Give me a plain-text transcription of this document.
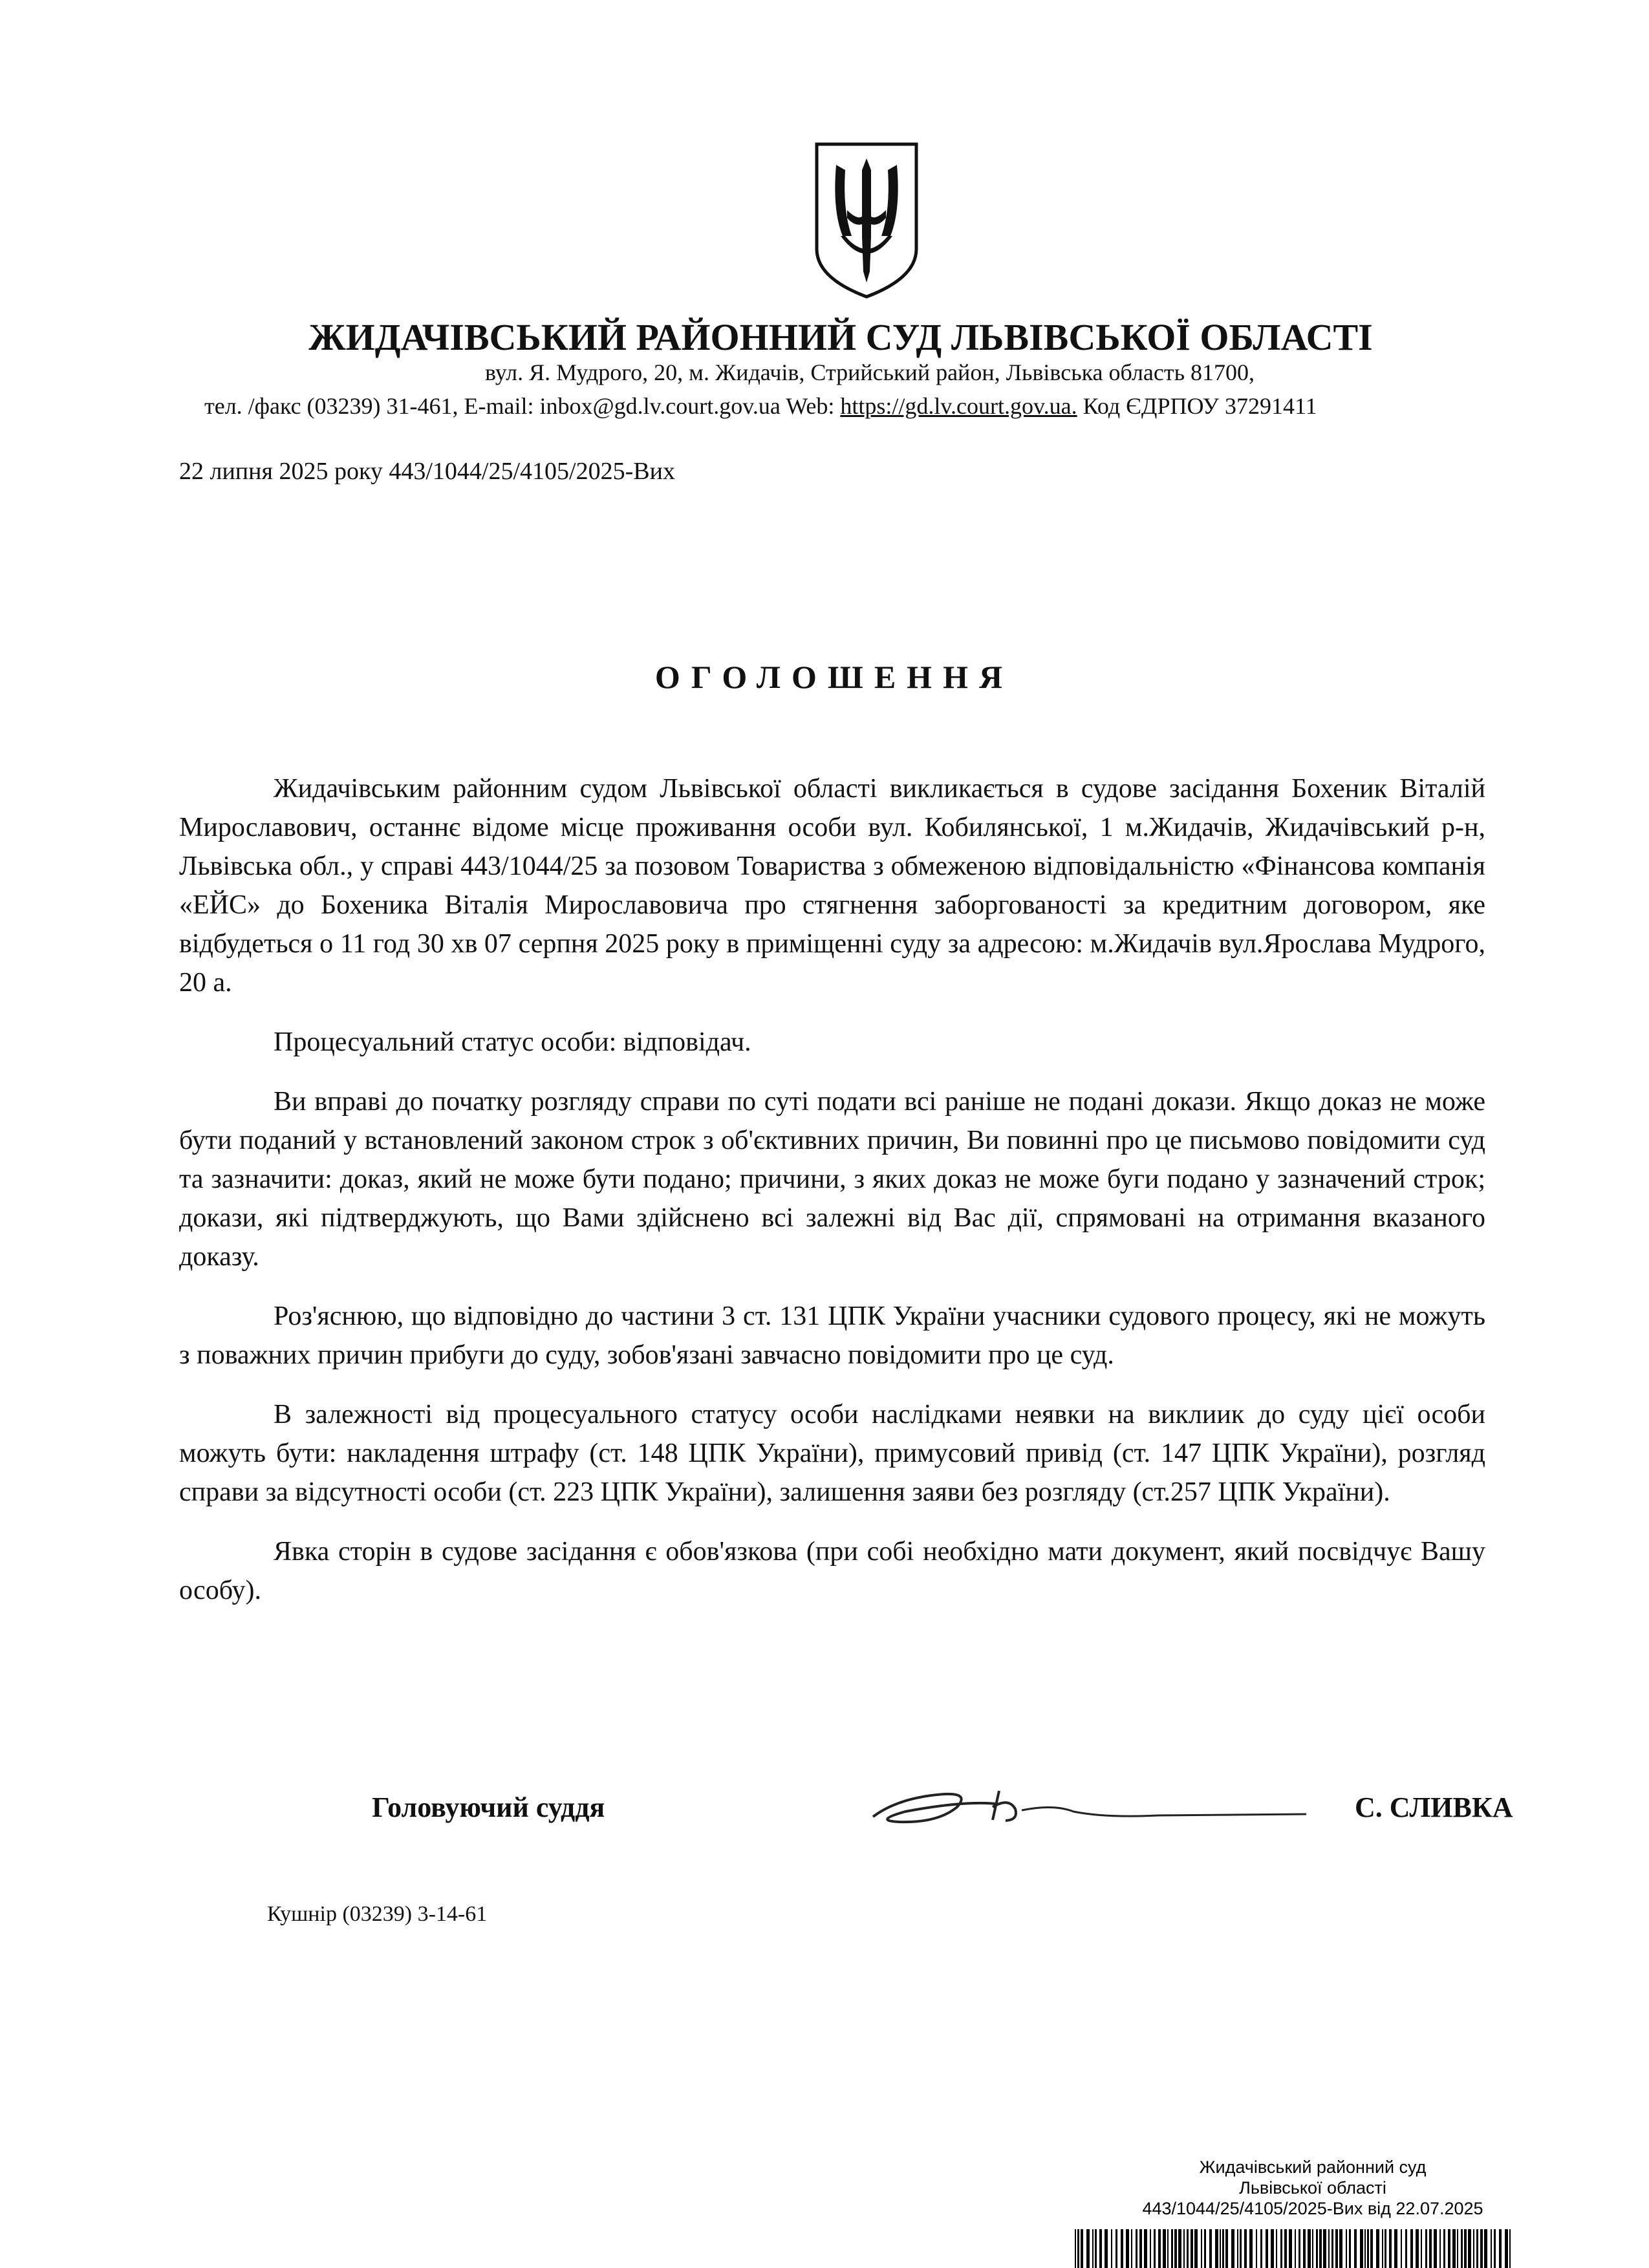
ЖИДАЧІВСЬКИЙ РАЙОННИЙ СУД ЛЬВІВСЬКОЇ ОБЛАСТІ
вул. Я. Мудрого, 20, м. Жидачів, Стрийський район, Львівська область 81700,
тел. /факс (03239) 31-461, E-mail: inbox@gd.lv.court.gov.ua Web: https://gd.lv.court.gov.ua. Код ЄДРПОУ 37291411
22 липня 2025 року 443/1044/25/4105/2025-Вих
ОГОЛОШЕННЯ

Жидачівським районним судом Львівської області викликається в судове засідання Бохеник Віталій Мирославович, останнє відоме місце проживання особи вул. Кобилянської, 1 м.Жидачів, Жидачівський р-н, Львівська обл., у справі 443/1044/25 за позовом Товариства з обмеженою відповідальністю «Фінансова компанія «ЕЙС» до Бохеника Віталія Мирославовича про стягнення заборгованості за кредитним договором, яке відбудеться о 11 год 30 хв 07 серпня 2025 року в приміщенні суду за адресою: м.Жидачів вул.Ярослава Мудрого, 20 а.

Процесуальний статус особи: відповідач.

Ви вправі до початку розгляду справи по суті подати всі раніше не подані докази. Якщо доказ не може бути поданий у встановлений законом строк з об'єктивних причин, Ви повинні про це письмово повідомити суд та зазначити: доказ, який не може бути подано; причини, з яких доказ не може буги подано у зазначений строк; докази, які підтверджують, що Вами здійснено всі залежні від Вас дії, спрямовані на отримання вказаного доказу.

Роз'яснюю, що відповідно до частини 3 ст. 131 ЦПК України учасники судового процесу, які не можуть з поважних причин прибуги до суду, зобов'язані завчасно повідомити про це суд.

В залежності від процесуального статусу особи наслідками неявки на виклиик до суду цієї особи можуть бути: накладення штрафу (ст. 148 ЦПК України), примусовий привід (ст. 147 ЦПК України), розгляд справи за відсутності особи (ст. 223 ЦПК України), залишення заяви без розгляду (ст.257 ЦПК України).

Явка сторін в судове засідання є обов'язкова (при собі необхідно мати документ, який посвідчує Вашу особу).

Головуючий суддя	С. СЛИВКА
Кушнір (03239) 3-14-61
Жидачівський районний суд
Львівської області
443/1044/25/4105/2025-Вих від 22.07.2025
